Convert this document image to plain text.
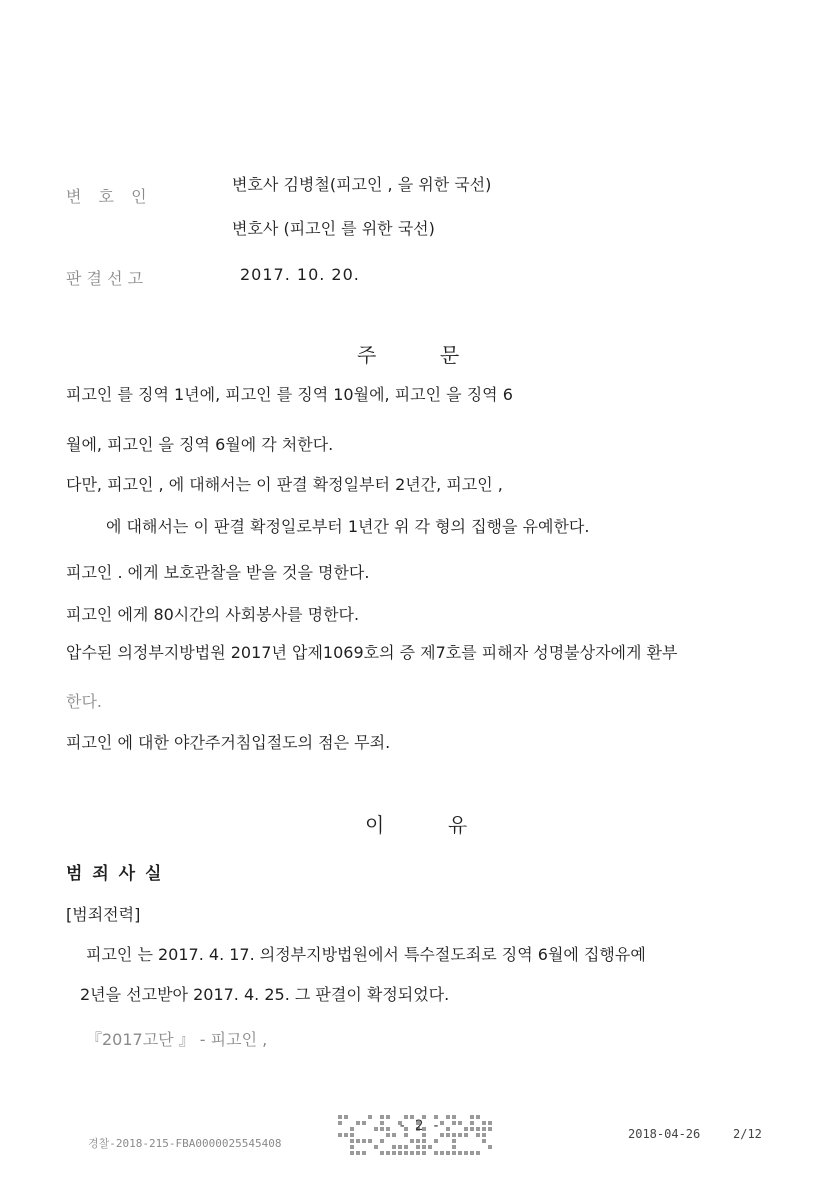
변 호 인
변호사 김병철(피고인 , 을 위한 국선)
변호사 (피고인 를 위한 국선)
판 결 선 고	2017. 10. 20.
주          문
피고인 를 징역 1년에, 피고인 를 징역 10월에, 피고인 을 징역 6
월에, 피고인 을 징역 6월에 각 처한다.
다만, 피고인 , 에 대해서는 이 판결 확정일부터 2년간, 피고인 ,
에 대해서는 이 판결 확정일로부터 1년간 위 각 형의 집행을 유예한다.
피고인 . 에게 보호관찰을 받을 것을 명한다.
피고인 에게 80시간의 사회봉사를 명한다.
압수된 의정부지방법원 2017년 압제1069호의 증 제7호를 피해자 성명불상자에게 환부
한다.
피고인 에 대한 야간주거침입절도의 점은 무죄.
이          유
범 죄 사 실
[범죄전력]
피고인 는 2017. 4. 17. 의정부지방법원에서 특수절도죄로 징역 6월에 집행유예
2년을 선고받아 2017. 4. 25. 그 판결이 확정되었다.
『2017고단 』 - 피고인 ,
경찰-2018-215-FBA0000025545408
- 2 -	2018-04-26	2/12
